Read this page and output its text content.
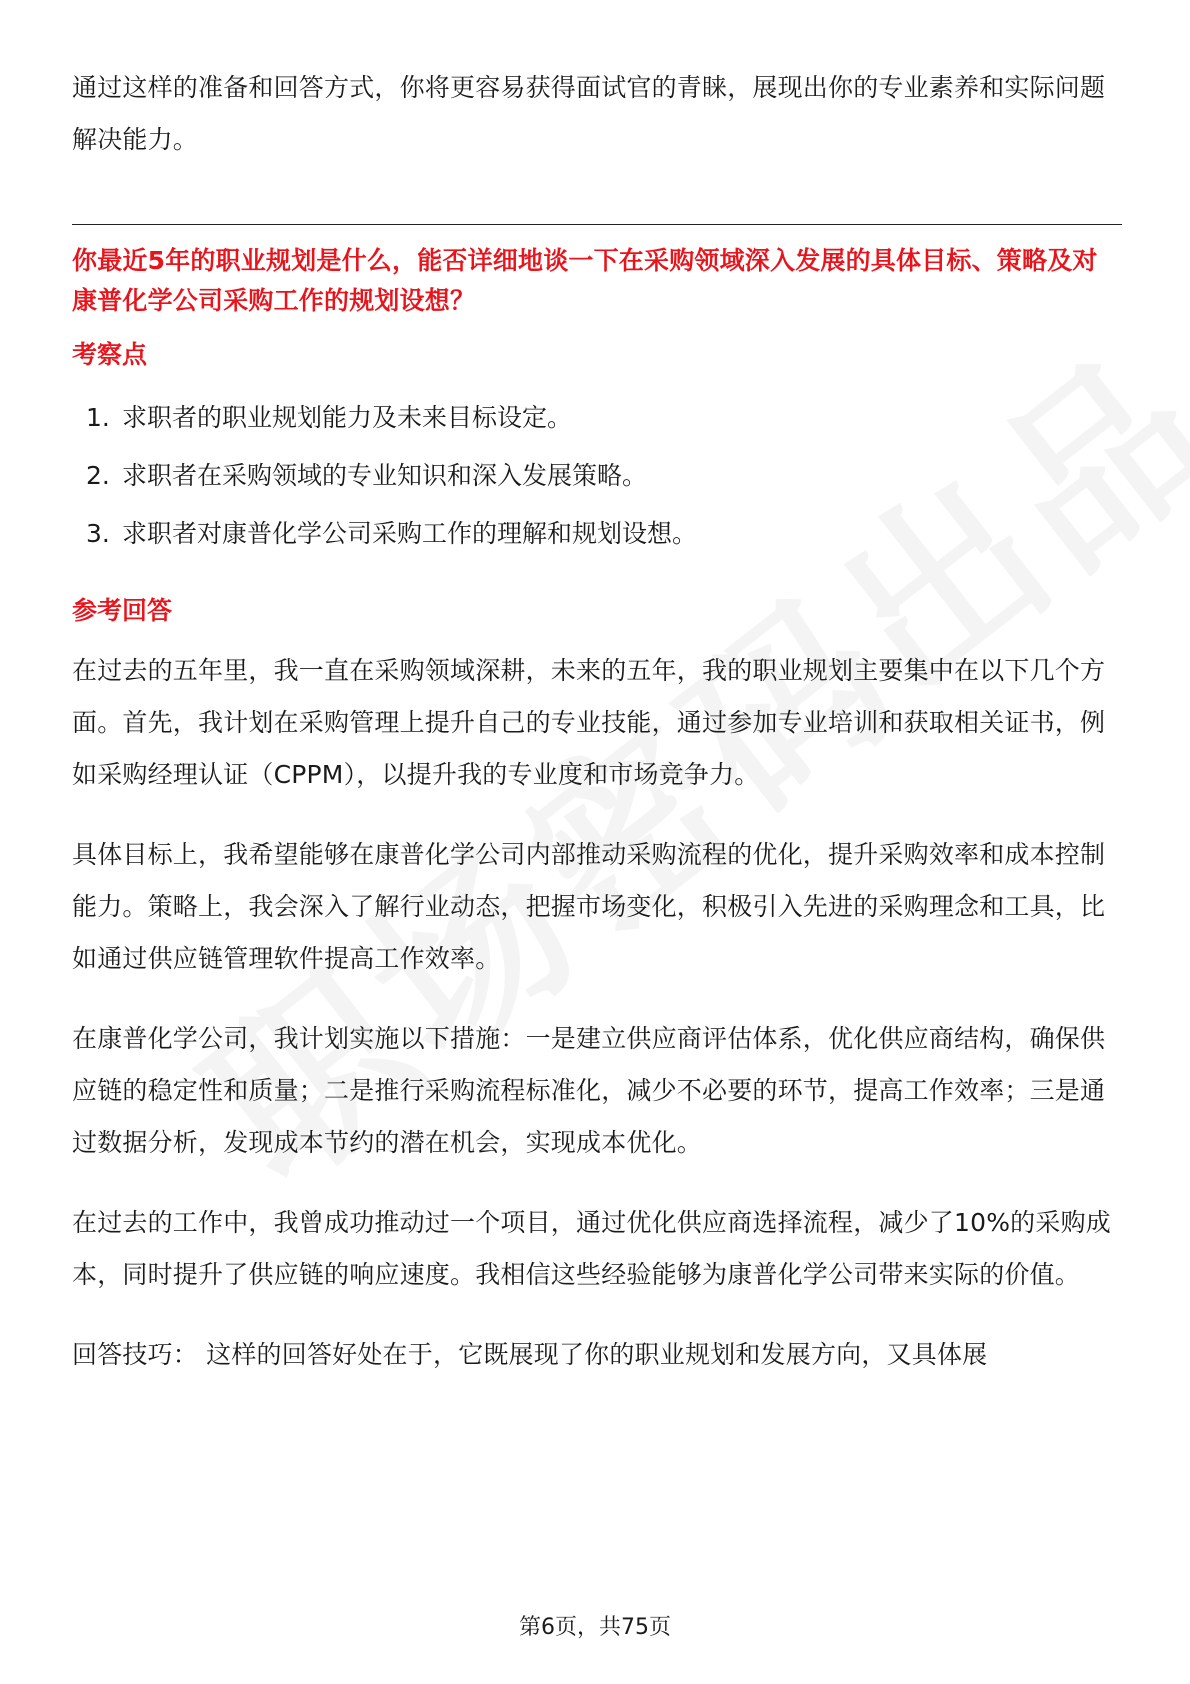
通过这样的准备和回答方式，你将更容易获得面试官的青睐，展现出你的专业素养和实际问题解决能力。

你最近5年的职业规划是什么，能否详细地谈一下在采购领域深入发展的具体目标、策略及对康普化学公司采购工作的规划设想？

考察点
1. 求职者的职业规划能力及未来目标设定。
2. 求职者在采购领域的专业知识和深入发展策略。
3. 求职者对康普化学公司采购工作的理解和规划设想。
参考回答

在过去的五年里，我一直在采购领域深耕，未来的五年，我的职业规划主要集中在以下几个方面。首先，我计划在采购管理上提升自己的专业技能，通过参加专业培训和获取相关证书，例如采购经理认证（CPPM），以提升我的专业度和市场竞争力。

具体目标上，我希望能够在康普化学公司内部推动采购流程的优化，提升采购效率和成本控制能力。策略上，我会深入了解行业动态，把握市场变化，积极引入先进的采购理念和工具，比如通过供应链管理软件提高工作效率。

在康普化学公司，我计划实施以下措施：一是建立供应商评估体系，优化供应商结构，确保供应链的稳定性和质量；二是推行采购流程标准化，减少不必要的环节，提高工作效率；三是通过数据分析，发现成本节约的潜在机会，实现成本优化。

在过去的工作中，我曾成功推动过一个项目，通过优化供应商选择流程，减少了10%的采购成本，同时提升了供应链的响应速度。我相信这些经验能够为康普化学公司带来实际的价值。

回答技巧： 这样的回答好处在于，它既展现了你的职业规划和发展方向，又具体展

第6页，共75页
